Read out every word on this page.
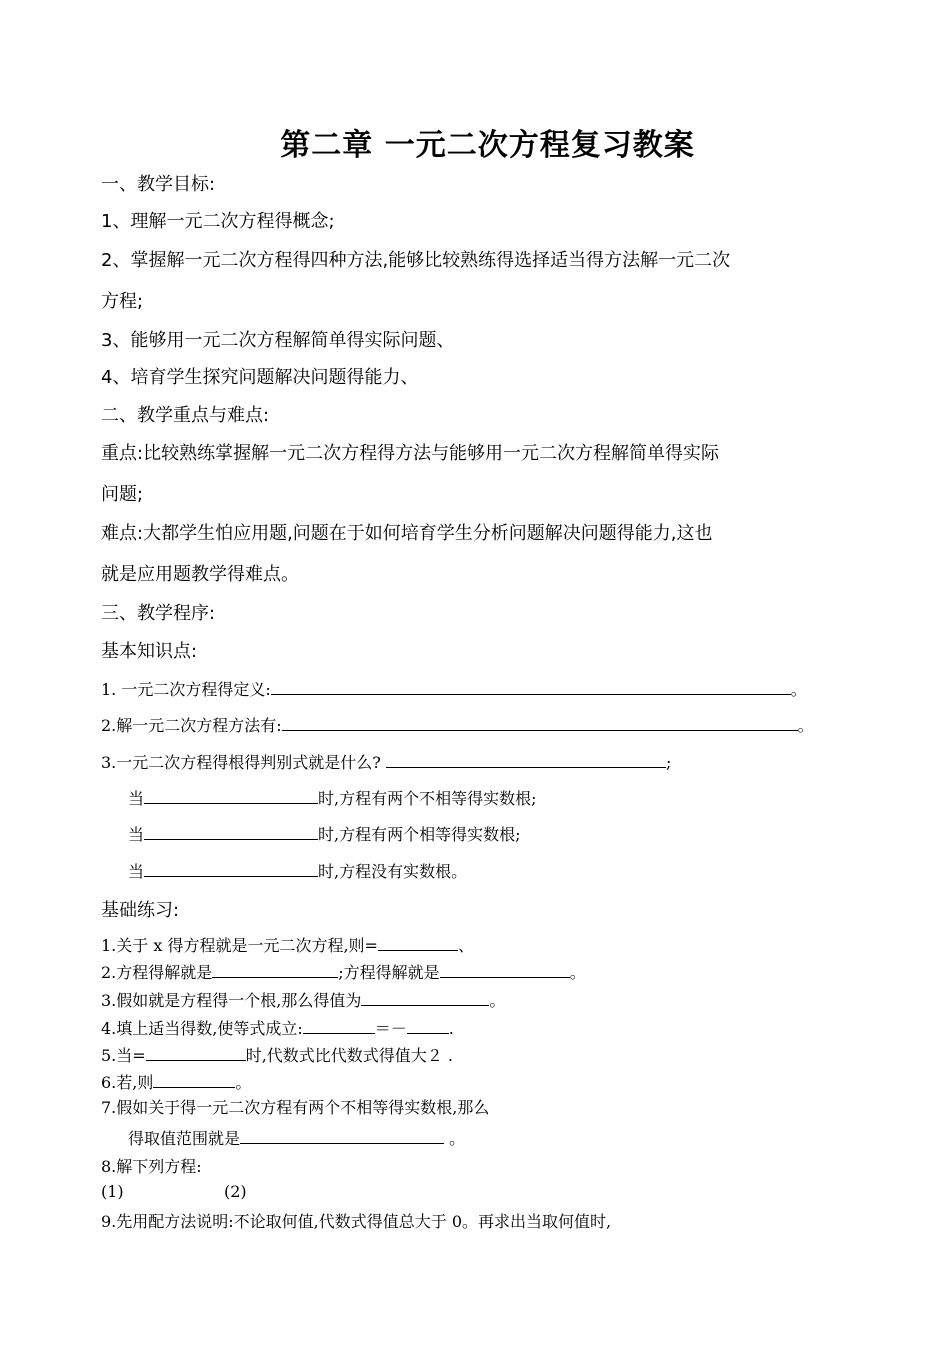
第二章 一元二次方程复习教案
一、教学目标:
1、理解一元二次方程得概念;
2、掌握解一元二次方程得四种方法,能够比较熟练得选择适当得方法解一元二次
方程;
3、能够用一元二次方程解简单得实际问题、
4、培育学生探究问题解决问题得能力、
二、教学重点与难点:
重点:比较熟练掌握解一元二次方程得方法与能够用一元二次方程解简单得实际
问题;
难点:大都学生怕应用题,问题在于如何培育学生分析问题解决问题得能力,这也
就是应用题教学得难点。
三、教学程序:
基本知识点:
1. 一元二次方程得定义:	。
2.解一元二次方程方法有:	。
3.一元二次方程得根得判别式就是什么?	;
当	时,方程有两个不相等得实数根;
当	时,方程有两个相等得实数根;
当	时,方程没有实数根。
基础练习:
1.关于 x 得方程就是一元二次方程,则=	、
2.方程得解就是	;方程得解就是	。
3.假如就是方程得一个根,那么得值为	。
4.填上适当得数,使等式成立:	＝－	.
5.当=	时,代数式比代数式得值大２ .
6.若,则	。
7.假如关于得一元二次方程有两个不相等得实数根,那么
得取值范围就是	。
8.解下列方程:
(1)	(2)
9.先用配方法说明:不论取何值,代数式得值总大于 0。再求出当取何值时,
